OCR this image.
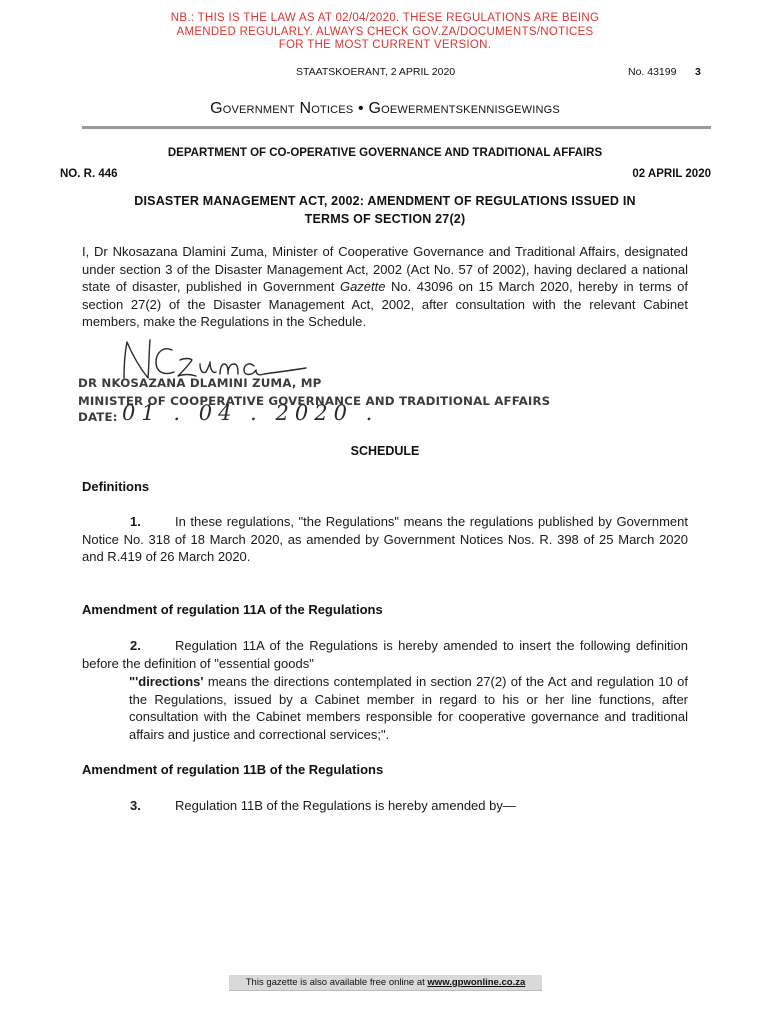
NB.: THIS IS THE LAW AS AT 02/04/2020. THESE REGULATIONS ARE BEING
AMENDED REGULARLY. ALWAYS CHECK GOV.ZA/DOCUMENTS/NOTICES
FOR THE MOST CURRENT VERSION.
STAATSKOERANT, 2 APRIL 2020	No. 43199 3
Government Notices • Goewermentskennisgewings
DEPARTMENT OF CO-OPERATIVE GOVERNANCE AND TRADITIONAL AFFAIRS
NO. R. 446	02 APRIL 2020
DISASTER MANAGEMENT ACT, 2002: AMENDMENT OF REGULATIONS ISSUED IN
TERMS OF SECTION 27(2)
I, Dr Nkosazana Dlamini Zuma, Minister of Cooperative Governance and Traditional Affairs, designated under section 3 of the Disaster Management Act, 2002 (Act No. 57 of 2002), having declared a national state of disaster, published in Government Gazette No. 43096 on 15 March 2020, hereby in terms of section 27(2) of the Disaster Management Act, 2002, after consultation with the relevant Cabinet members, make the Regulations in the Schedule.
DR NKOSAZANA DLAMINI ZUMA, MP
MINISTER OF COOPERATIVE GOVERNANCE AND TRADITIONAL AFFAIRS
DATE: 01 . 04 . 2020 .
SCHEDULE
Definitions
1.	In these regulations, "the Regulations" means the regulations published by Government Notice No. 318 of 18 March 2020, as amended by Government Notices Nos. R. 398 of 25 March 2020 and R.419 of 26 March 2020.
Amendment of regulation 11A of the Regulations
2.	Regulation 11A of the Regulations is hereby amended to insert the following definition before the definition of "essential goods"
"'directions' means the directions contemplated in section 27(2) of the Act and regulation 10 of the Regulations, issued by a Cabinet member in regard to his or her line functions, after consultation with the Cabinet members responsible for cooperative governance and traditional affairs and justice and correctional services;".
Amendment of regulation 11B of the Regulations
3.	Regulation 11B of the Regulations is hereby amended by—
This gazette is also available free online at www.gpwonline.co.za
